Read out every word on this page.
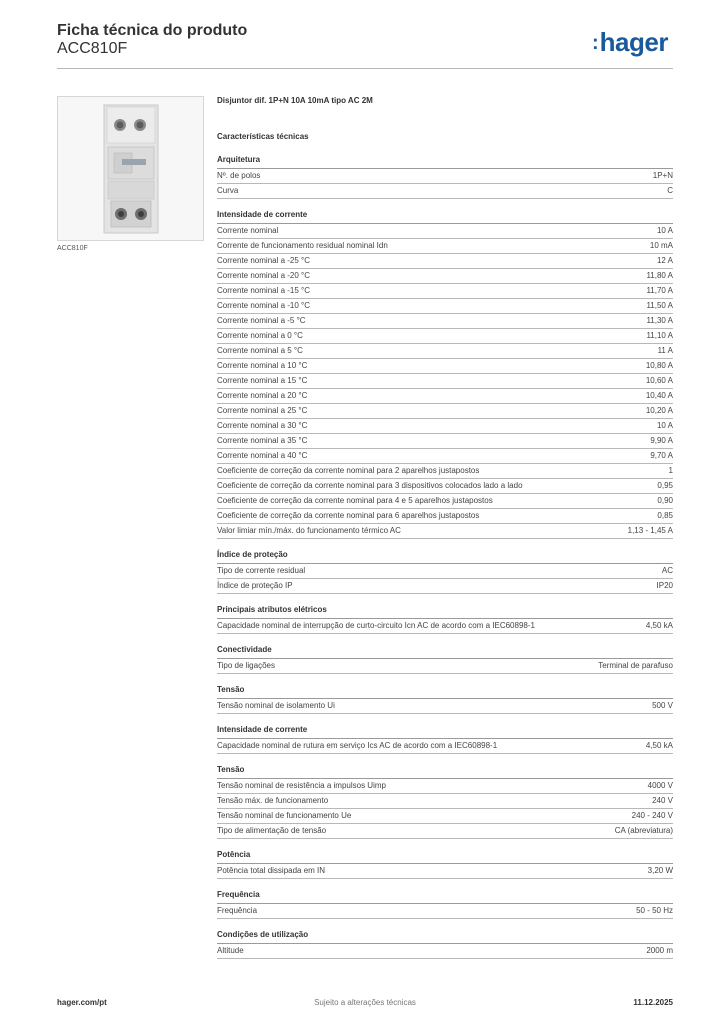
Ficha técnica do produto
ACC810F	:hager
ACC810F
Disjuntor dif. 1P+N 10A 10mA tipo AC 2M
Características técnicas
Arquitetura
Nº. de polos	1P+N
Curva	C
Intensidade de corrente
Corrente nominal	10 A
Corrente de funcionamento residual nominal Idn	10 mA
Corrente nominal a -25 °C	12 A
Corrente nominal a -20 °C	11,80 A
Corrente nominal a -15 °C	11,70 A
Corrente nominal a -10 °C	11,50 A
Corrente nominal a -5 °C	11,30 A
Corrente nominal a 0 °C	11,10 A
Corrente nominal a 5 °C	11 A
Corrente nominal a 10 °C	10,80 A
Corrente nominal a 15 °C	10,60 A
Corrente nominal a 20 °C	10,40 A
Corrente nominal a 25 °C	10,20 A
Corrente nominal a 30 °C	10 A
Corrente nominal a 35 °C	9,90 A
Corrente nominal a 40 °C	9,70 A
Coeficiente de correção da corrente nominal para 2 aparelhos justapostos	1
Coeficiente de correção da corrente nominal para 3 dispositivos colocados lado a lado	0,95
Coeficiente de correção da corrente nominal para 4 e 5 aparelhos justapostos	0,90
Coeficiente de correção da corrente nominal para 6 aparelhos justapostos	0,85
Valor limiar mín./máx. do funcionamento térmico AC	1,13 - 1,45 A
Índice de proteção
Tipo de corrente residual	AC
Índice de proteção IP	IP20
Principais atributos elétricos
Capacidade nominal de interrupção de curto-circuito Icn AC de acordo com a IEC60898-1	4,50 kA
Conectividade
Tipo de ligações	Terminal de parafuso
Tensão
Tensão nominal de isolamento Ui	500 V
Intensidade de corrente
Capacidade nominal de rutura em serviço Ics AC de acordo com a IEC60898-1	4,50 kA
Tensão
Tensão nominal de resistência a impulsos Uimp	4000 V
Tensão máx. de funcionamento	240 V
Tensão nominal de funcionamento Ue	240 - 240 V
Tipo de alimentação de tensão	CA (abreviatura)
Potência
Potência total dissipada em IN	3,20 W
Frequência
Frequência	50 - 50 Hz
Condições de utilização
Altitude	2000 m
hager.com/pt	Sujeito a alterações técnicas	11.12.2025
